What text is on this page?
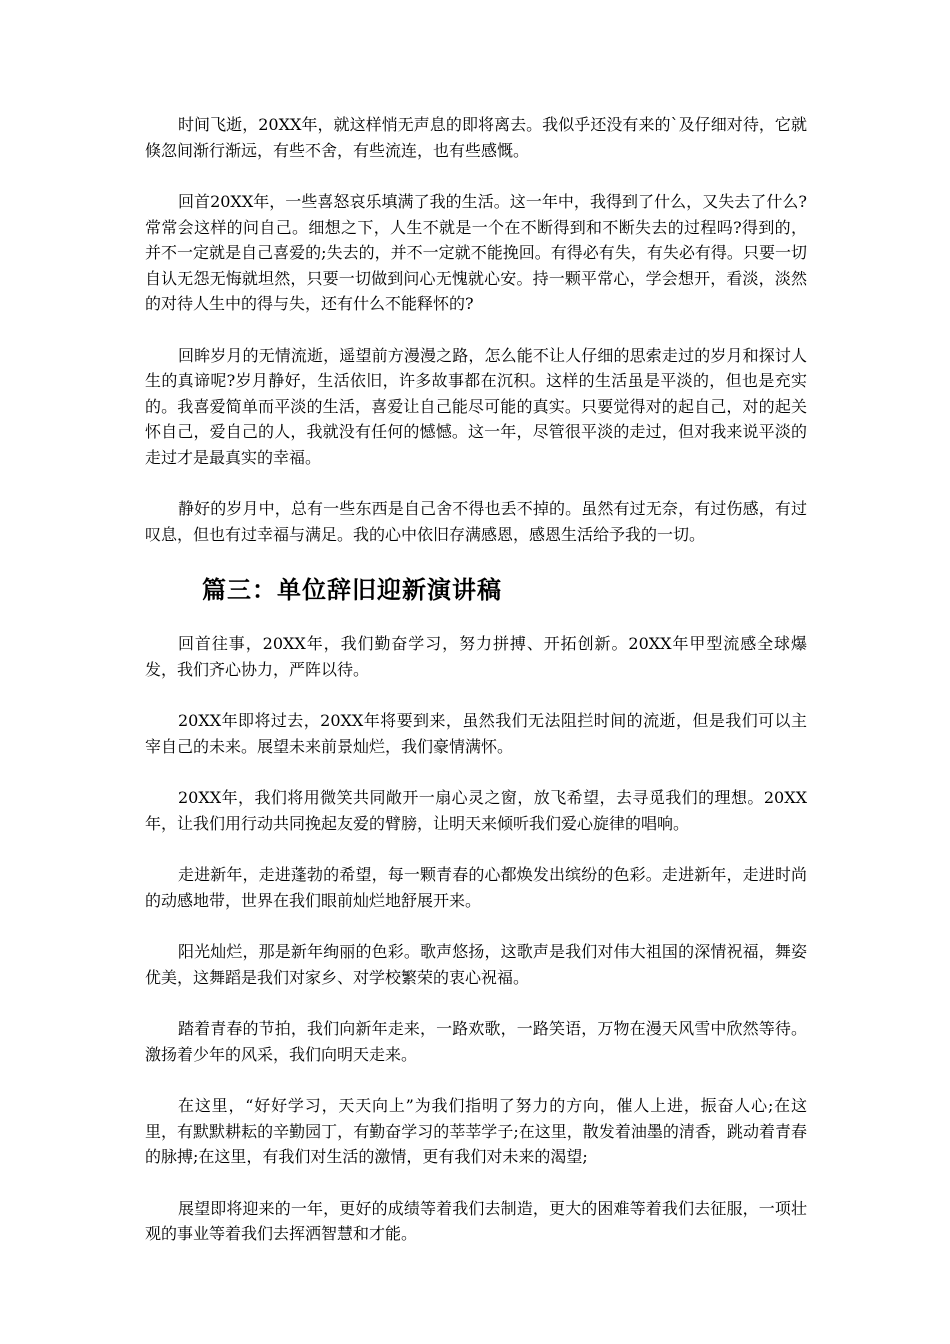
时间飞逝，20XX年，就这样悄无声息的即将离去。我似乎还没有来的`及仔细对待，它就倏忽间渐行渐远，有些不舍，有些流连，也有些感慨。

回首20XX年，一些喜怒哀乐填满了我的生活。这一年中，我得到了什么，又失去了什么?常常会这样的问自己。细想之下，人生不就是一个在不断得到和不断失去的过程吗?得到的，并不一定就是自己喜爱的;失去的，并不一定就不能挽回。有得必有失，有失必有得。只要一切自认无怨无悔就坦然，只要一切做到问心无愧就心安。持一颗平常心，学会想开，看淡，淡然的对待人生中的得与失，还有什么不能释怀的?

回眸岁月的无情流逝，遥望前方漫漫之路，怎么能不让人仔细的思索走过的岁月和探讨人生的真谛呢?岁月静好，生活依旧，许多故事都在沉积。这样的生活虽是平淡的，但也是充实的。我喜爱简单而平淡的生活，喜爱让自己能尽可能的真实。只要觉得对的起自己，对的起关怀自己，爱自己的人，我就没有任何的憾憾。这一年，尽管很平淡的走过，但对我来说平淡的走过才是最真实的幸福。

静好的岁月中，总有一些东西是自己舍不得也丢不掉的。虽然有过无奈，有过伤感，有过叹息，但也有过幸福与满足。我的心中依旧存满感恩，感恩生活给予我的一切。

篇三：单位辞旧迎新演讲稿

回首往事，20XX年，我们勤奋学习，努力拼搏、开拓创新。20XX年甲型流感全球爆发，我们齐心协力，严阵以待。

20XX年即将过去，20XX年将要到来，虽然我们无法阻拦时间的流逝，但是我们可以主宰自己的未来。展望未来前景灿烂，我们豪情满怀。

20XX年，我们将用微笑共同敞开一扇心灵之窗，放飞希望，去寻觅我们的理想。20XX年，让我们用行动共同挽起友爱的臂膀，让明天来倾听我们爱心旋律的唱响。

走进新年，走进蓬勃的希望，每一颗青春的心都焕发出缤纷的色彩。走进新年，走进时尚的动感地带，世界在我们眼前灿烂地舒展开来。

阳光灿烂，那是新年绚丽的色彩。歌声悠扬，这歌声是我们对伟大祖国的深情祝福，舞姿优美，这舞蹈是我们对家乡、对学校繁荣的衷心祝福。

踏着青春的节拍，我们向新年走来，一路欢歌，一路笑语，万物在漫天风雪中欣然等待。激扬着少年的风采，我们向明天走来。

在这里，“好好学习，天天向上”为我们指明了努力的方向，催人上进，振奋人心;在这里，有默默耕耘的辛勤园丁，有勤奋学习的莘莘学子;在这里，散发着油墨的清香，跳动着青春的脉搏;在这里，有我们对生活的激情，更有我们对未来的渴望;

展望即将迎来的一年，更好的成绩等着我们去制造，更大的困难等着我们去征服，一项壮观的事业等着我们去挥洒智慧和才能。
